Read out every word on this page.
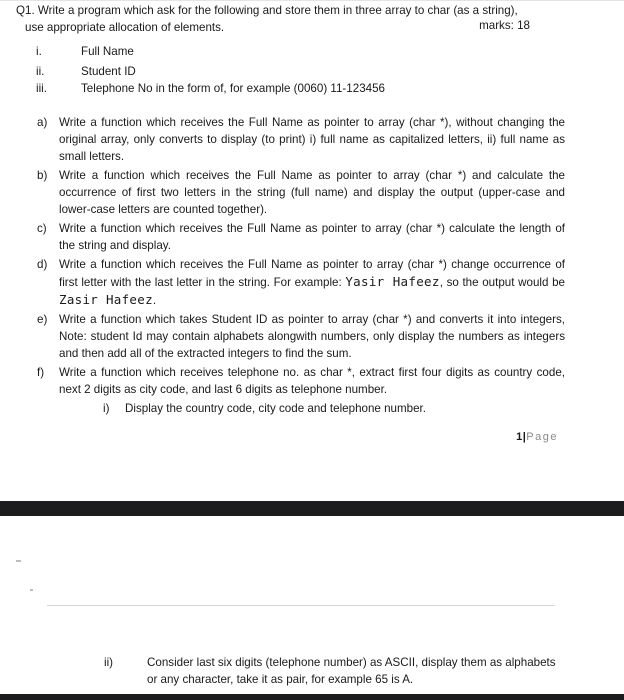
Q1. Write a program which ask for the following and store them in three array to char (as a string),
use appropriate allocation of elements.	marks: 18
i.	Full Name
ii.	Student ID
iii.	Telephone No in the form of, for example (0060) 11-123456
a) Write a function which receives the Full Name as pointer to array (char *), without changing the original array, only converts to display (to print) i) full name as capitalized letters, ii) full name as small letters.
b) Write a function which receives the Full Name as pointer to array (char *) and calculate the occurrence of first two letters in the string (full name) and display the output (upper-case and lower-case letters are counted together).
c) Write a function which receives the Full Name as pointer to array (char *) calculate the length of the string and display.
d) Write a function which receives the Full Name as pointer to array (char *) change occurrence of first letter with the last letter in the string. For example: Yasir Hafeez, so the output would be Zasir Hafeez.
e) Write a function which takes Student ID as pointer to array (char *) and converts it into integers, Note: student Id may contain alphabets alongwith numbers, only display the numbers as integers and then add all of the extracted integers to find the sum.
f) Write a function which receives telephone no. as char *, extract first four digits as country code, next 2 digits as city code, and last 6 digits as telephone number.
i) Display the country code, city code and telephone number.
1|Page
ii)	Consider last six digits (telephone number) as ASCII, display them as alphabets or any character, take it as pair, for example 65 is A.
